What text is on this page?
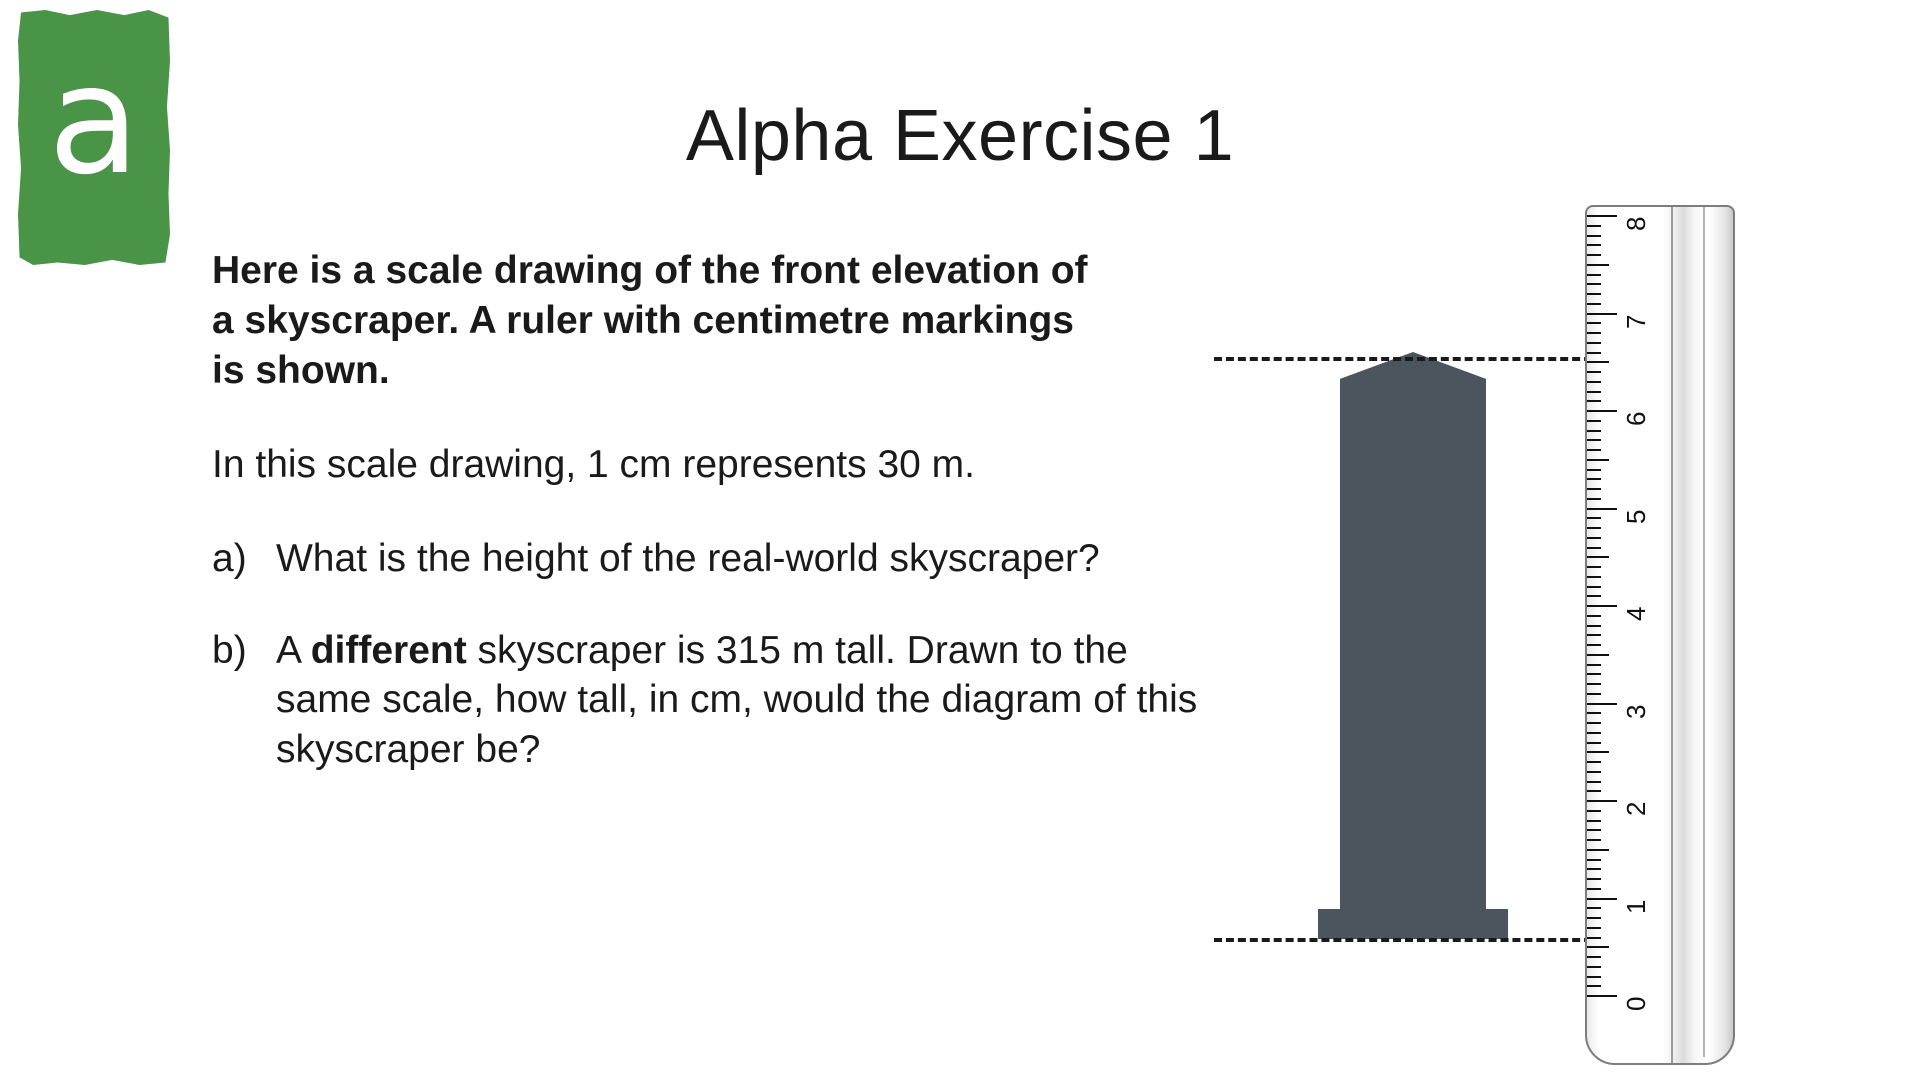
a	Alpha Exercise 1
Here is a scale drawing of the front elevation of a skyscraper. A ruler with centimetre markings is shown.
In this scale drawing, 1 cm represents 30 m.
a) What is the height of the real-world skyscraper?
b) A different skyscraper is 315 m tall. Drawn to the same scale, how tall, in cm, would the diagram of this skyscraper be?
0
1
2
3
4
5
6
7
8
